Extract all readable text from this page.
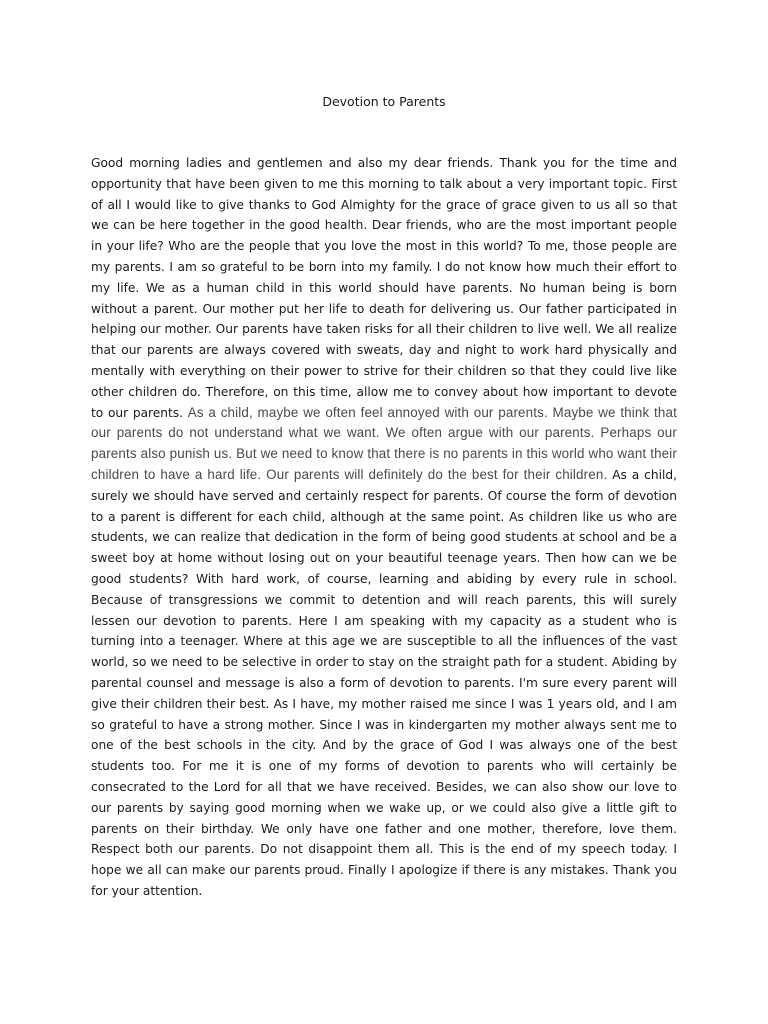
Devotion to Parents

Good morning ladies and gentlemen and also my dear friends. Thank you for the time and opportunity that have been given to me this morning to talk about a very important topic. First of all I would like to give thanks to God Almighty for the grace of grace given to us all so that we can be here together in the good health. Dear friends, who are the most important people in your life? Who are the people that you love the most in this world? To me, those people are my parents. I am so grateful to be born into my family. I do not know how much their effort to my life. We as a human child in this world should have parents. No human being is born without a parent. Our mother put her life to death for delivering us. Our father participated in helping our mother. Our parents have taken risks for all their children to live well. We all realize that our parents are always covered with sweats, day and night to work hard physically and mentally with everything on their power to strive for their children so that they could live like other children do. Therefore, on this time, allow me to convey about how important to devote to our parents. As a child, maybe we often feel annoyed with our parents. Maybe we think that our parents do not understand what we want. We often argue with our parents. Perhaps our parents also punish us. But we need to know that there is no parents in this world who want their children to have a hard life. Our parents will definitely do the best for their children. As a child, surely we should have served and certainly respect for parents. Of course the form of devotion to a parent is different for each child, although at the same point. As children like us who are students, we can realize that dedication in the form of being good students at school and be a sweet boy at home without losing out on your beautiful teenage years. Then how can we be good students? With hard work, of course, learning and abiding by every rule in school. Because of transgressions we commit to detention and will reach parents, this will surely lessen our devotion to parents. Here I am speaking with my capacity as a student who is turning into a teenager. Where at this age we are susceptible to all the influences of the vast world, so we need to be selective in order to stay on the straight path for a student. Abiding by parental counsel and message is also a form of devotion to parents. I'm sure every parent will give their children their best. As I have, my mother raised me since I was 1 years old, and I am so grateful to have a strong mother. Since I was in kindergarten my mother always sent me to one of the best schools in the city. And by the grace of God I was always one of the best students too. For me it is one of my forms of devotion to parents who will certainly be consecrated to the Lord for all that we have received. Besides, we can also show our love to our parents by saying good morning when we wake up, or we could also give a little gift to parents on their birthday. We only have one father and one mother, therefore, love them. Respect both our parents. Do not disappoint them all. This is the end of my speech today. I hope we all can make our parents proud. Finally I apologize if there is any mistakes. Thank you for your attention.
